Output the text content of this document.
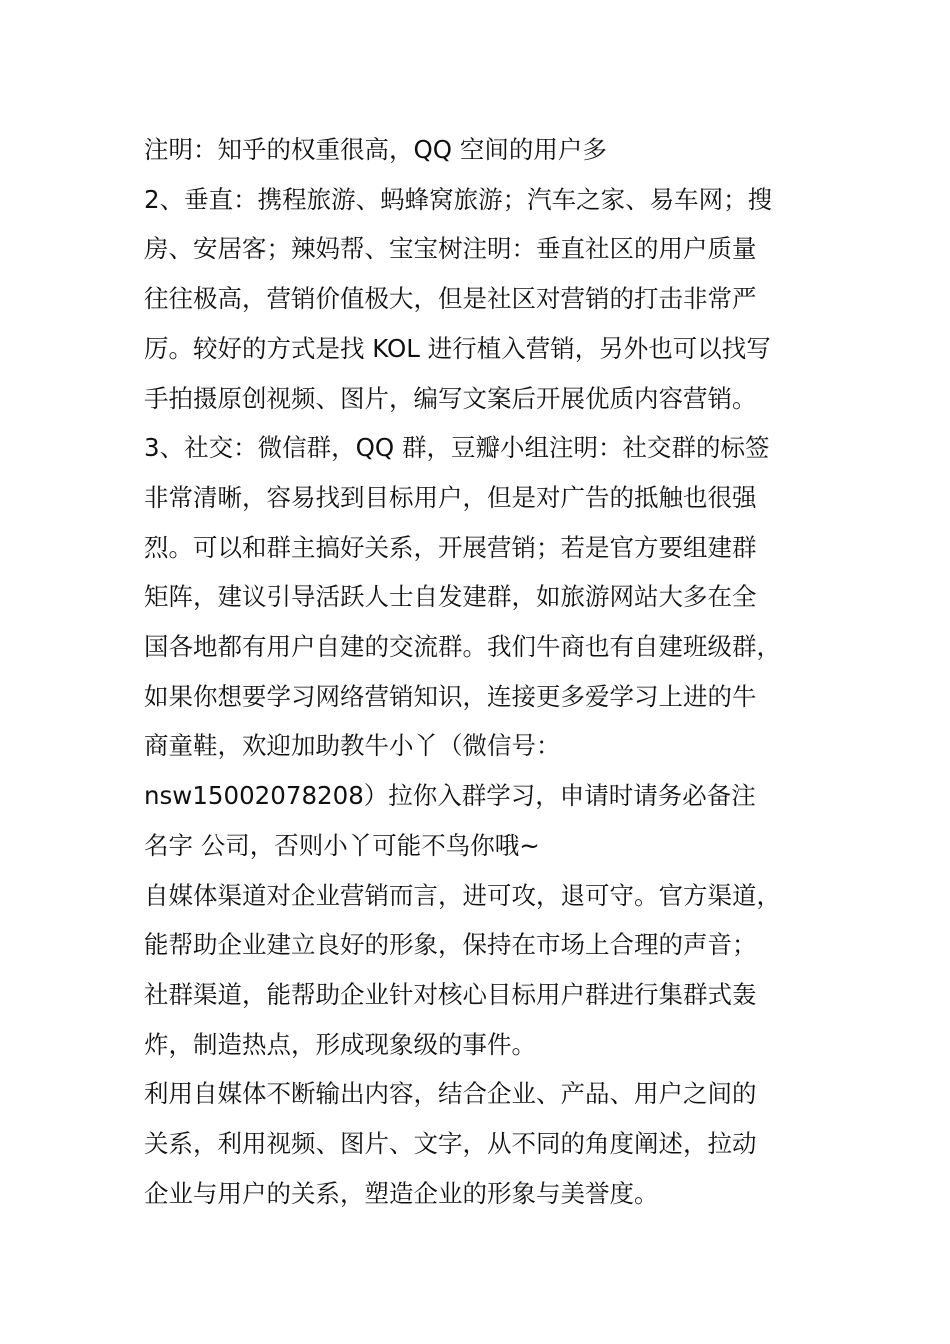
注明：知乎的权重很高，QQ 空间的用户多

2、垂直：携程旅游、蚂蜂窝旅游；汽车之家、易车网；搜
房、安居客；辣妈帮、宝宝树注明：垂直社区的用户质量
往往极高，营销价值极大，但是社区对营销的打击非常严
厉。较好的方式是找 KOL 进行植入营销，另外也可以找写
手拍摄原创视频、图片，编写文案后开展优质内容营销。

3、社交：微信群，QQ 群，豆瓣小组注明：社交群的标签
非常清晰，容易找到目标用户，但是对广告的抵触也很强
烈。可以和群主搞好关系，开展营销；若是官方要组建群
矩阵，建议引导活跃人士自发建群，如旅游网站大多在全
国各地都有用户自建的交流群。我们牛商也有自建班级群，
如果你想要学习网络营销知识，连接更多爱学习上进的牛
商童鞋，欢迎加助教牛小丫（微信号：
nsw15002078208）拉你入群学习，申请时请务必备注
名字 公司，否则小丫可能不鸟你哦~

自媒体渠道对企业营销而言，进可攻，退可守。官方渠道，
能帮助企业建立良好的形象，保持在市场上合理的声音；
社群渠道，能帮助企业针对核心目标用户群进行集群式轰
炸，制造热点，形成现象级的事件。

利用自媒体不断输出内容，结合企业、产品、用户之间的
关系，利用视频、图片、文字，从不同的角度阐述，拉动
企业与用户的关系，塑造企业的形象与美誉度。
